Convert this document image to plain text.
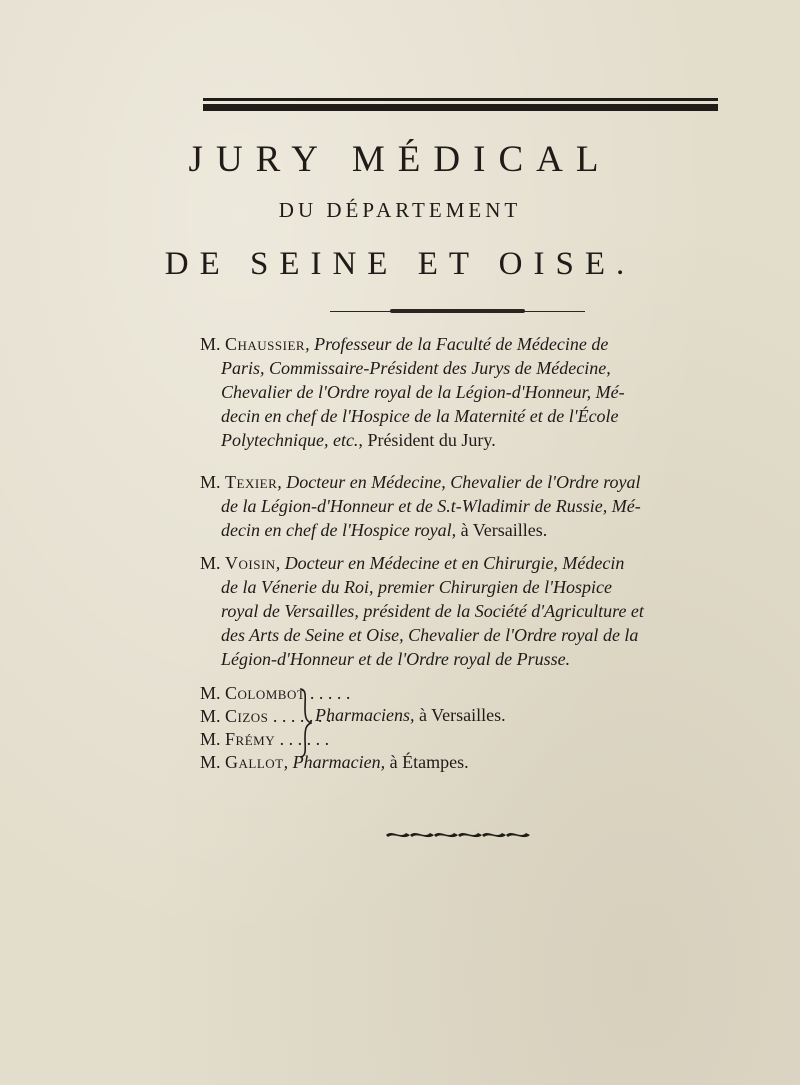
JURY MÉDICAL
DU DÉPARTEMENT
DE SEINE ET OISE.
M. Chaussier, Professeur de la Faculté de Médecine de
Paris, Commissaire-Président des Jurys de Médecine,
Chevalier de l'Ordre royal de la Légion-d'Honneur, Mé-
decin en chef de l'Hospice de la Maternité et de l'École
Polytechnique, etc., Président du Jury.
M. Texier, Docteur en Médecine, Chevalier de l'Ordre royal
de la Légion-d'Honneur et de S.t-Wladimir de Russie, Mé-
decin en chef de l'Hospice royal, à Versailles.
M. Voisin, Docteur en Médecine et en Chirurgie, Médecin
de la Vénerie du Roi, premier Chirurgien de l'Hospice
royal de Versailles, président de la Société d'Agriculture et
des Arts de Seine et Oise, Chevalier de l'Ordre royal de la
Légion-d'Honneur et de l'Ordre royal de Prusse.
M. Colombot . . . . .
M. Cizos . . . . . . .
M. Frémy . . . . . .
M. Gallot, Pharmacien, à Étampes.
Pharmaciens, à Versailles.
